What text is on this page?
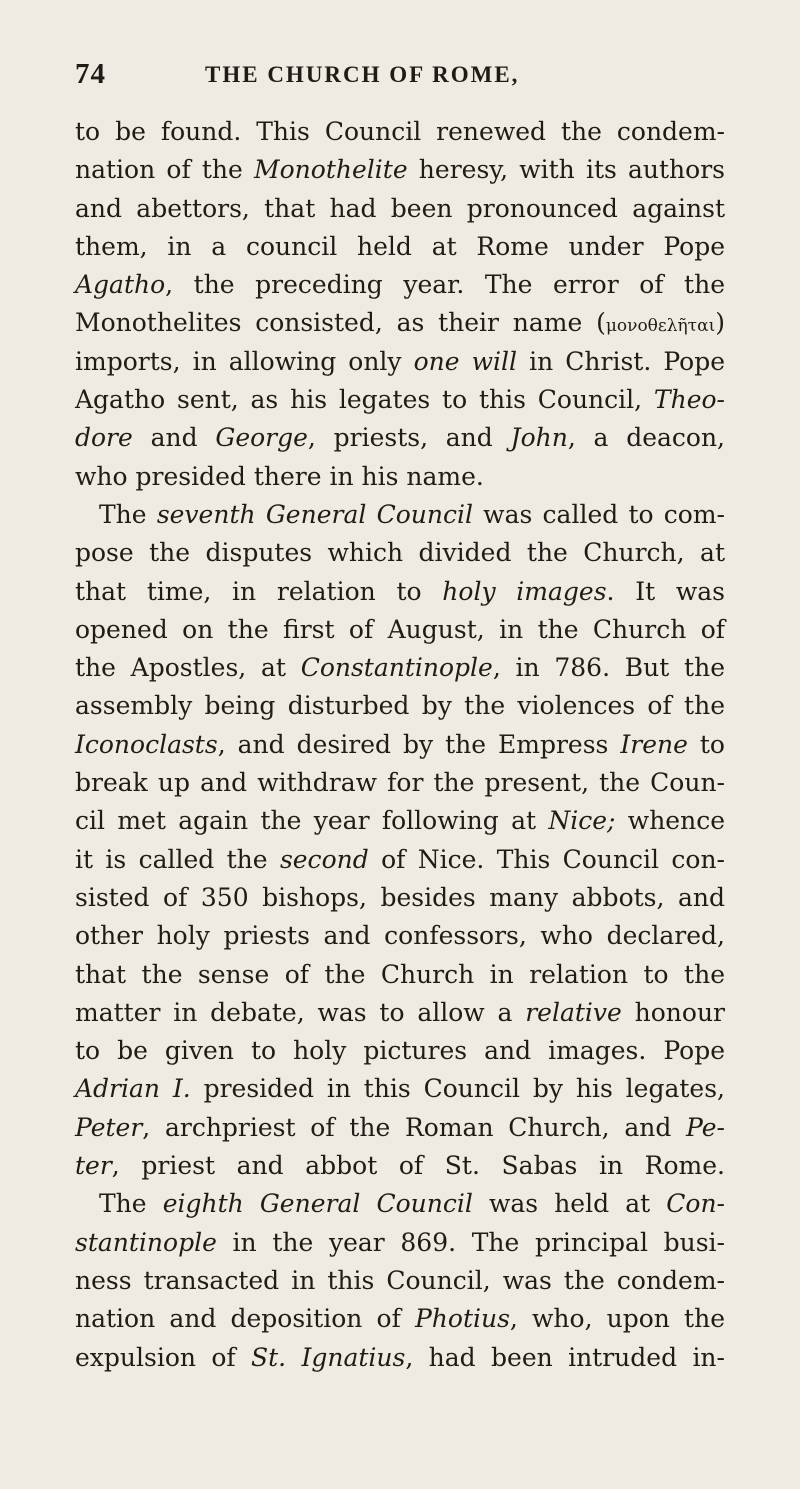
74	THE CHURCH OF ROME,
to be found. This Council renewed the condem-
nation of the Monothelite heresy, with its authors
and abettors, that had been pronounced against
them, in a council held at Rome under Pope
Agatho, the preceding year. The error of the
Monothelites consisted, as their name (μονοθελῆται)
imports, in allowing only one will in Christ. Pope
Agatho sent, as his legates to this Council, Theo-
dore and George, priests, and John, a deacon,
who presided there in his name.
The seventh General Council was called to com-
pose the disputes which divided the Church, at
that time, in relation to holy images. It was
opened on the first of August, in the Church of
the Apostles, at Constantinople, in 786. But the
assembly being disturbed by the violences of the
Iconoclasts, and desired by the Empress Irene to
break up and withdraw for the present, the Coun-
cil met again the year following at Nice; whence
it is called the second of Nice. This Council con-
sisted of 350 bishops, besides many abbots, and
other holy priests and confessors, who declared,
that the sense of the Church in relation to the
matter in debate, was to allow a relative honour
to be given to holy pictures and images. Pope
Adrian I. presided in this Council by his legates,
Peter, archpriest of the Roman Church, and Pe-
ter, priest and abbot of St. Sabas in Rome.
The eighth General Council was held at Con-
stantinople in the year 869. The principal busi-
ness transacted in this Council, was the condem-
nation and deposition of Photius, who, upon the
expulsion of St. Ignatius, had been intruded in-
